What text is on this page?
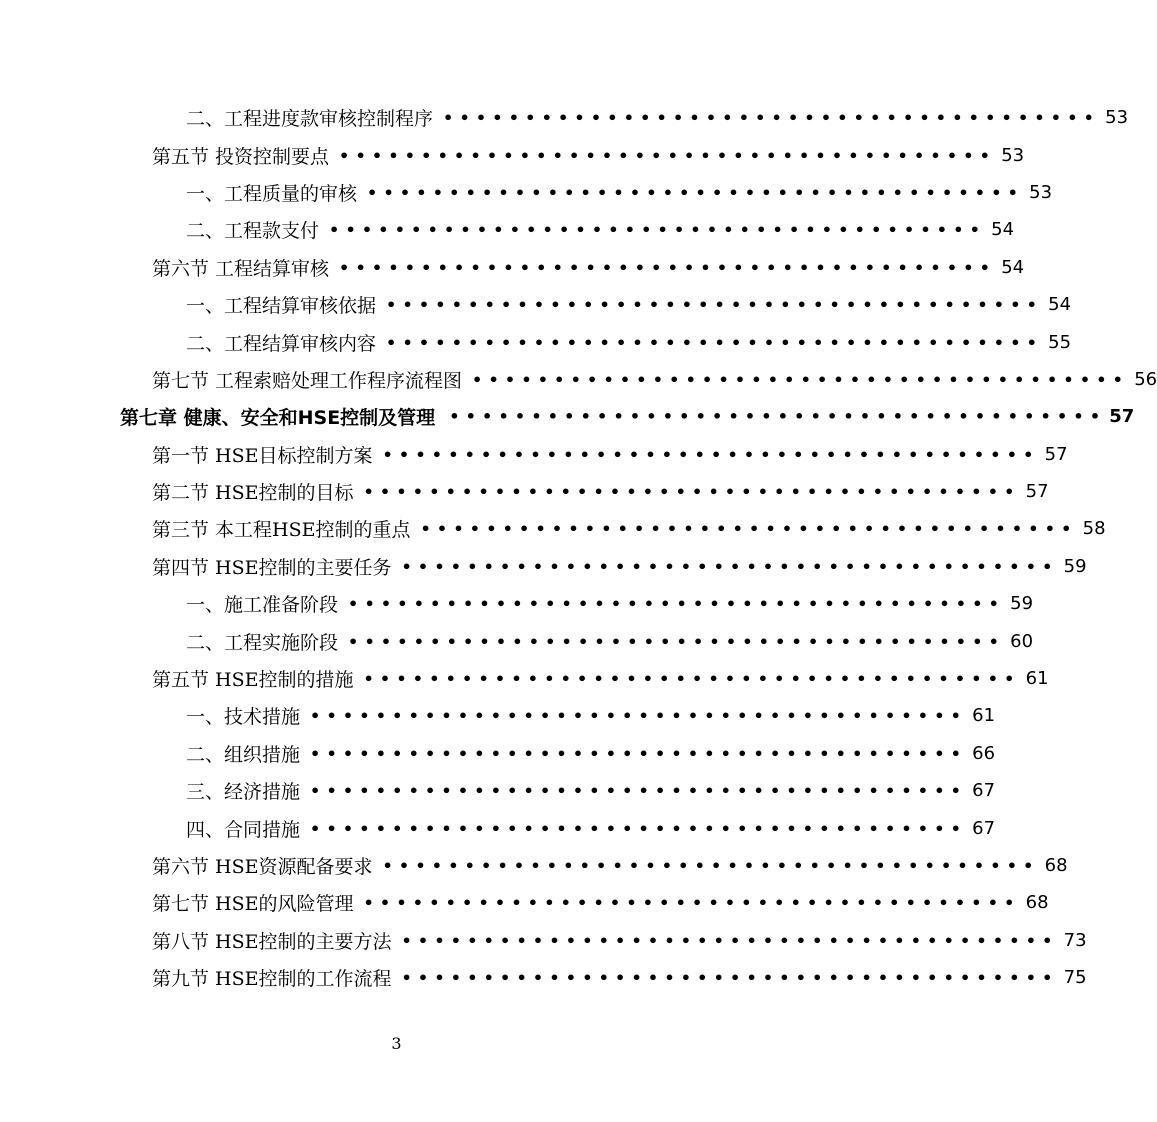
二、工程进度款审核控制程序 •••••••••••••••••••••••••••••••••••••••• 53
第五节 投资控制要点 •••••••••••••••••••••••••••••••••••••••• 53
一、工程质量的审核 •••••••••••••••••••••••••••••••••••••••• 53
二、工程款支付 •••••••••••••••••••••••••••••••••••••••• 54
第六节 工程结算审核 •••••••••••••••••••••••••••••••••••••••• 54
一、工程结算审核依据 •••••••••••••••••••••••••••••••••••••••• 54
二、工程结算审核内容 •••••••••••••••••••••••••••••••••••••••• 55
第七节 工程索赔处理工作程序流程图 •••••••••••••••••••••••••••••••••••••••• 56
第七章 健康、安全和HSE控制及管理 •••••••••••••••••••••••••••••••••••••••• 57
第一节 HSE目标控制方案 •••••••••••••••••••••••••••••••••••••••• 57
第二节 HSE控制的目标 •••••••••••••••••••••••••••••••••••••••• 57
第三节 本工程HSE控制的重点 •••••••••••••••••••••••••••••••••••••••• 58
第四节 HSE控制的主要任务 •••••••••••••••••••••••••••••••••••••••• 59
一、施工准备阶段 •••••••••••••••••••••••••••••••••••••••• 59
二、工程实施阶段 •••••••••••••••••••••••••••••••••••••••• 60
第五节 HSE控制的措施 •••••••••••••••••••••••••••••••••••••••• 61
一、技术措施 •••••••••••••••••••••••••••••••••••••••• 61
二、组织措施 •••••••••••••••••••••••••••••••••••••••• 66
三、经济措施 •••••••••••••••••••••••••••••••••••••••• 67
四、合同措施 •••••••••••••••••••••••••••••••••••••••• 67
第六节 HSE资源配备要求 •••••••••••••••••••••••••••••••••••••••• 68
第七节 HSE的风险管理 •••••••••••••••••••••••••••••••••••••••• 68
第八节 HSE控制的主要方法 •••••••••••••••••••••••••••••••••••••••• 73
第九节 HSE控制的工作流程 •••••••••••••••••••••••••••••••••••••••• 75
3
